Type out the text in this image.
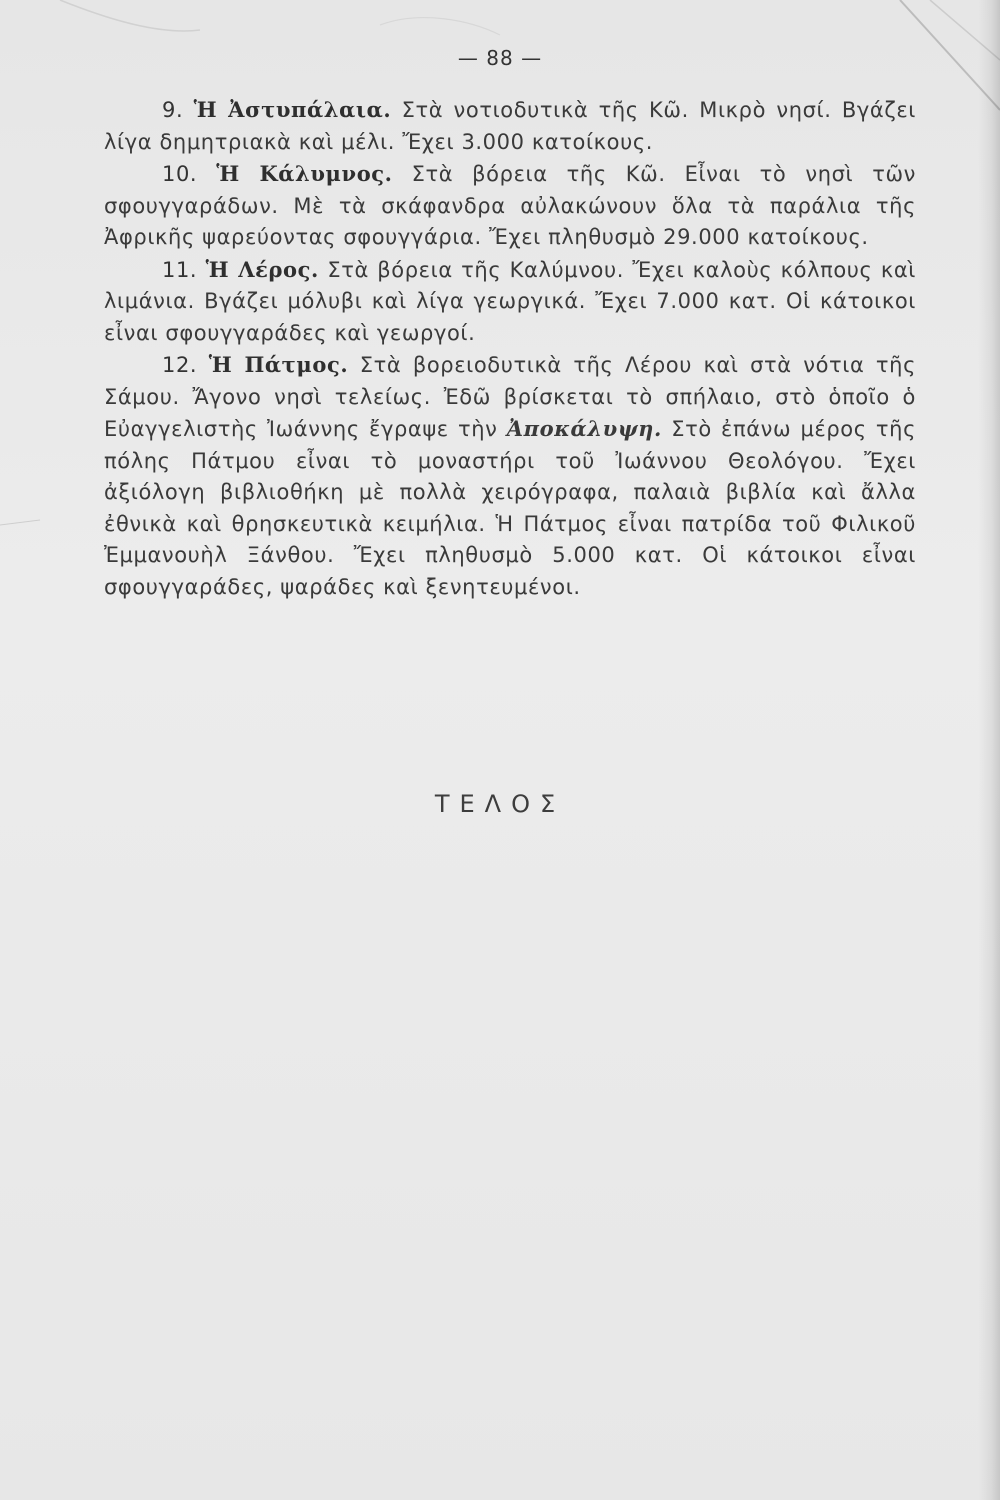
— 88 —

9. Ἡ Ἀστυπάλαια. Στὰ νοτιοδυτικὰ τῆς Κῶ. Μικρὸ νησί. Βγάζει λίγα δημητριακὰ καὶ μέλι. Ἔχει 3.000 κατοίκους.

10. Ἡ Κάλυμνος. Στὰ βόρεια τῆς Κῶ. Εἶναι τὸ νησὶ τῶν σφουγγαράδων. Μὲ τὰ σκάφανδρα αὐλακώνουν ὅλα τὰ παράλια τῆς Ἀφρικῆς ψαρεύοντας σφουγγάρια. Ἔχει πληθυσμὸ 29.000 κατοίκους.

11. Ἡ Λέρος. Στὰ βόρεια τῆς Καλύμνου. Ἔχει καλοὺς κόλπους καὶ λιμάνια. Βγάζει μόλυβι καὶ λίγα γεωργικά. Ἔχει 7.000 κατ. Οἱ κάτοικοι εἶναι σφουγγαράδες καὶ γεωργοί.

12. Ἡ Πάτμος. Στὰ βορειοδυτικὰ τῆς Λέρου καὶ στὰ νότια τῆς Σάμου. Ἄγονο νησὶ τελείως. Ἐδῶ βρίσκεται τὸ σπήλαιο, στὸ ὁποῖο ὁ Εὐαγγελιστὴς Ἰωάννης ἔγραψε τὴν Ἀποκάλυψη. Στὸ ἐπάνω μέρος τῆς πόλης Πάτμου εἶναι τὸ μοναστήρι τοῦ Ἰωάννου Θεολόγου. Ἔχει ἀξιόλογη βιβλιοθήκη μὲ πολλὰ χειρόγραφα, παλαιὰ βιβλία καὶ ἄλλα ἐθνικὰ καὶ θρησκευτικὰ κειμήλια. Ἡ Πάτμος εἶναι πατρίδα τοῦ Φιλικοῦ Ἐμμανουὴλ Ξάνθου. Ἔχει πληθυσμὸ 5.000 κατ. Οἱ κάτοικοι εἶναι σφουγγαράδες, ψαράδες καὶ ξενητευμένοι.

ΤΕΛΟΣ
